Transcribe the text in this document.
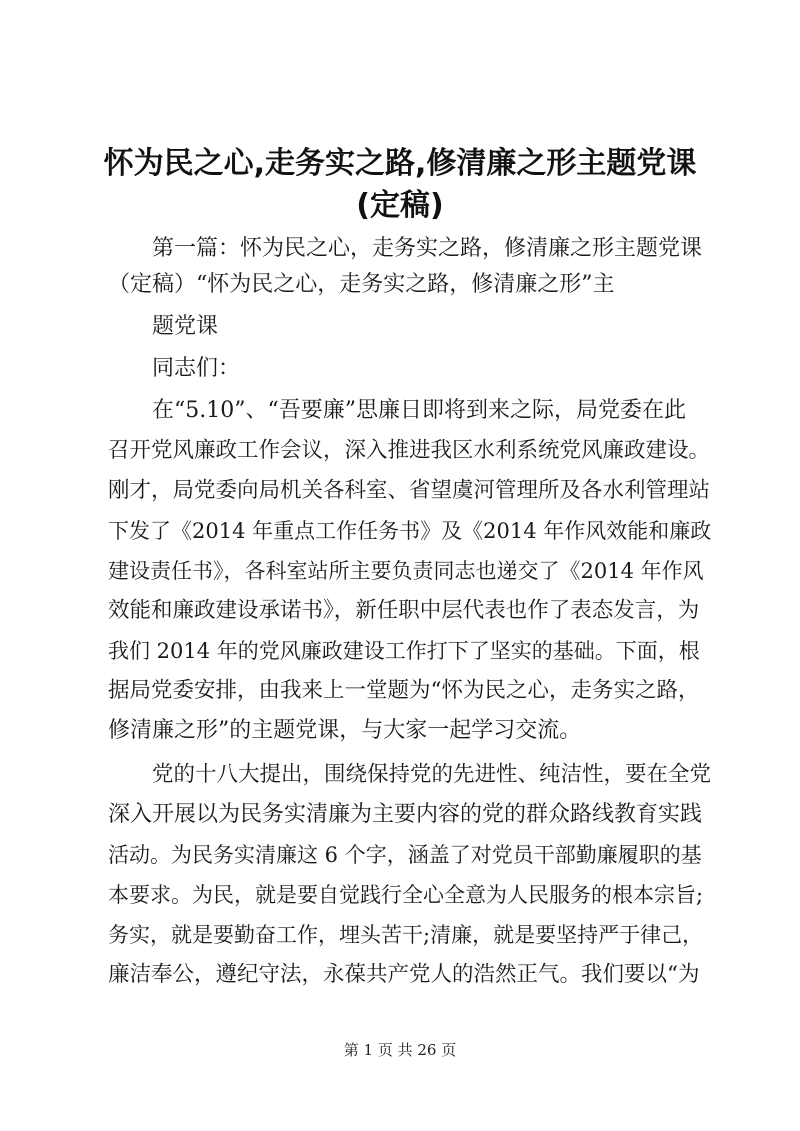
怀为民之心,走务实之路,修清廉之形主题党课
(定稿)

第一篇：怀为民之心，走务实之路，修清廉之形主题党课

（定稿）“怀为民之心，走务实之路，修清廉之形”主

题党课

同志们：

在“5.10”、“吾要廉”思廉日即将到来之际，局党委在此

召开党风廉政工作会议，深入推进我区水利系统党风廉政建设。

刚才，局党委向局机关各科室、省望虞河管理所及各水利管理站

下发了《2014 年重点工作任务书》及《2014 年作风效能和廉政

建设责任书》，各科室站所主要负责同志也递交了《2014 年作风

效能和廉政建设承诺书》，新任职中层代表也作了表态发言，为

我们 2014 年的党风廉政建设工作打下了坚实的基础。下面，根

据局党委安排，由我来上一堂题为“怀为民之心，走务实之路，

修清廉之形”的主题党课，与大家一起学习交流。

党的十八大提出，围绕保持党的先进性、纯洁性，要在全党

深入开展以为民务实清廉为主要内容的党的群众路线教育实践

活动。为民务实清廉这 6 个字，涵盖了对党员干部勤廉履职的基

本要求。为民，就是要自觉践行全心全意为人民服务的根本宗旨;

务实，就是要勤奋工作，埋头苦干;清廉，就是要坚持严于律己，

廉洁奉公，遵纪守法，永葆共产党人的浩然正气。我们要以“为

第 1 页 共 26 页
